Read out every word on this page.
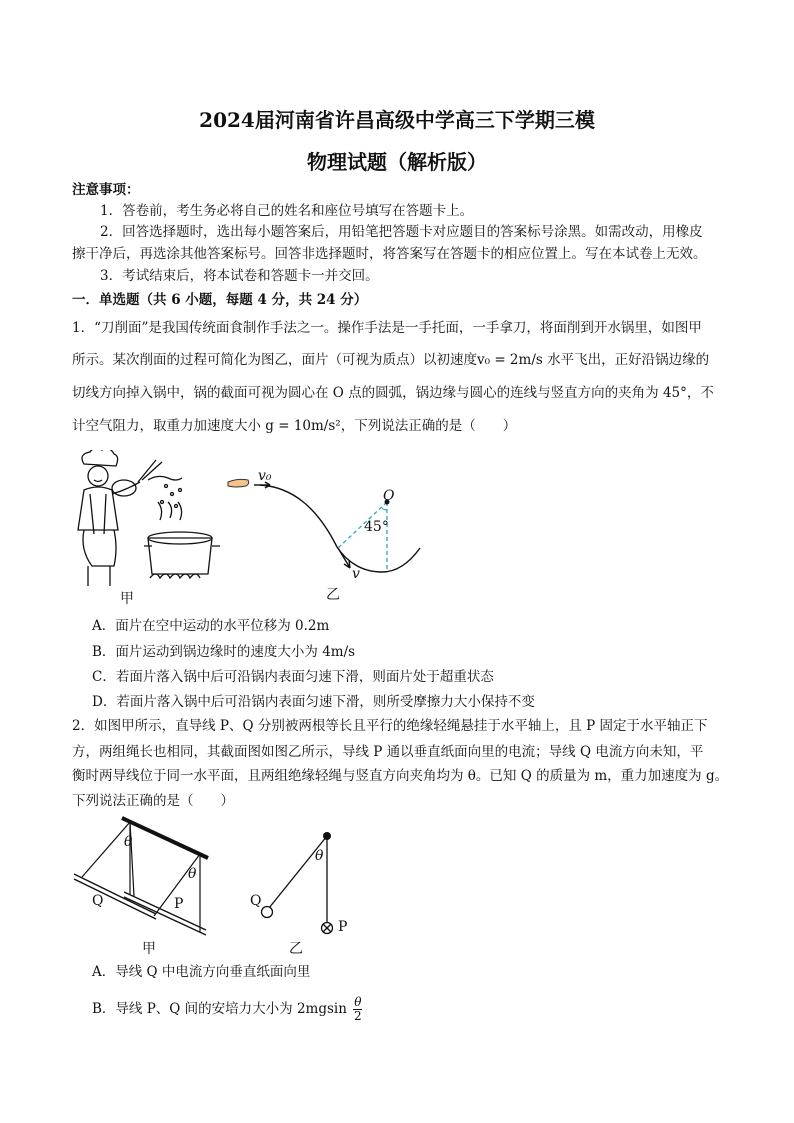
2024届河南省许昌高级中学高三下学期三模
物理试题（解析版）
注意事项：
1．答卷前，考生务必将自己的姓名和座位号填写在答题卡上。
2．回答选择题时，选出每小题答案后，用铅笔把答题卡对应题目的答案标号涂黑。如需改动，用橡皮
擦干净后，再选涂其他答案标号。回答非选择题时，将答案写在答题卡的相应位置上。写在本试卷上无效。
3．考试结束后，将本试卷和答题卡一并交回。
一．单选题（共 6 小题，每题 4 分，共 24 分）
1．“刀削面”是我国传统面食制作手法之一。操作手法是一手托面，一手拿刀，将面削到开水锅里，如图甲
所示。某次削面的过程可简化为图乙，面片（可视为质点）以初速度v₀ = 2m/s 水平飞出，正好沿锅边缘的
切线方向掉入锅中，锅的截面可视为圆心在 O 点的圆弧，锅边缘与圆心的连线与竖直方向的夹角为 45°，不
计空气阻力，取重力加速度大小 g = 10m/s²，下列说法正确的是（　　）
甲
v₀
O
45°
v
乙
A．面片在空中运动的水平位移为 0.2m
B．面片运动到锅边缘时的速度大小为 4m/s
C．若面片落入锅中后可沿锅内表面匀速下滑，则面片处于超重状态
D．若面片落入锅中后可沿锅内表面匀速下滑，则所受摩擦力大小保持不变
2．如图甲所示，直导线 P、Q 分别被两根等长且平行的绝缘轻绳悬挂于水平轴上，且 P 固定于水平轴正下
方，两组绳长也相同，其截面图如图乙所示，导线 P 通以垂直纸面向里的电流；导线 Q 电流方向未知，平
衡时两导线位于同一水平面，且两组绝缘轻绳与竖直方向夹角均为 θ。已知 Q 的质量为 m，重力加速度为 g。
下列说法正确的是（　　）
θ
θ
Q	P
甲
θ
Q
P
乙
A．导线 Q 中电流方向垂直纸面向里
B．导线 P、Q 间的安培力大小为 $2mgsin \frac{\theta}{2}$
